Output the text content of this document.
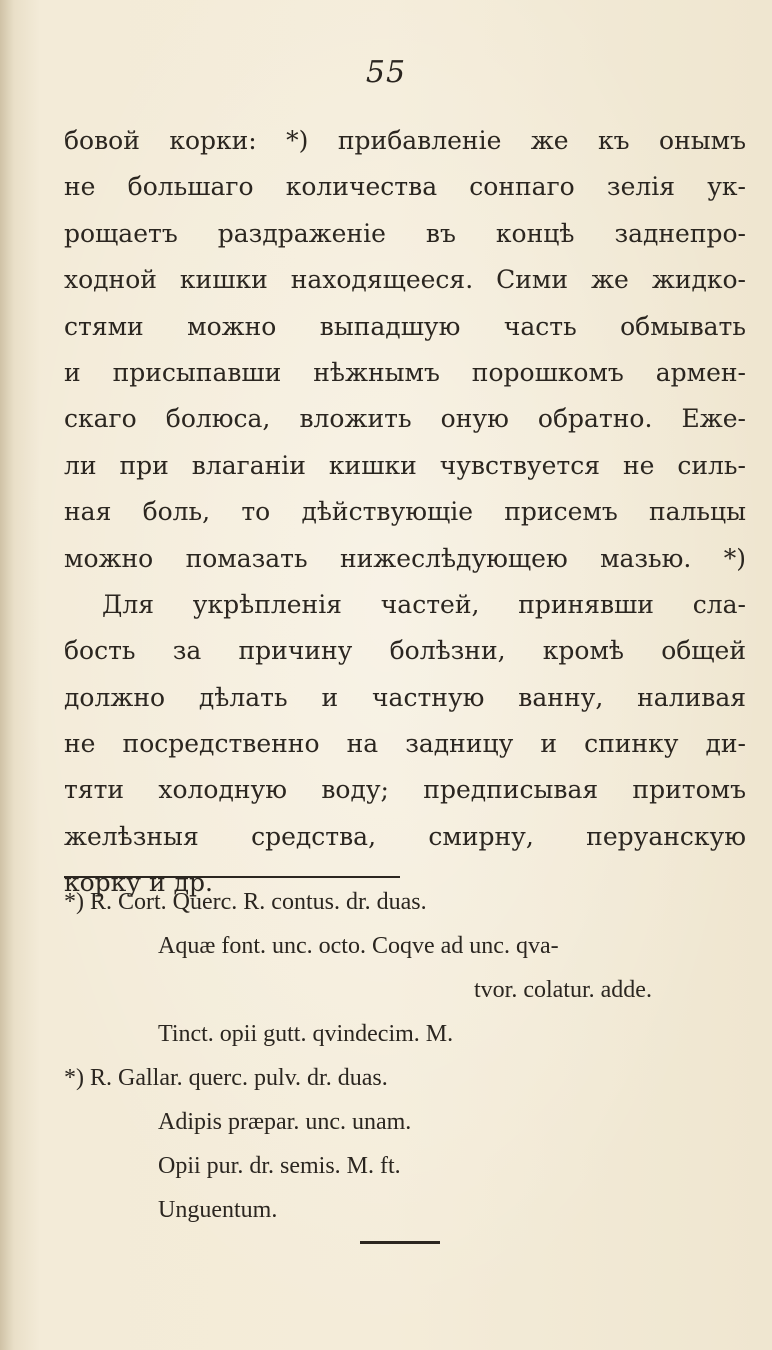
55
бовой корки: *) прибавленіе же къ онымъ
не большаго количества сонпаго зелія ук-
рощаетъ раздраженіе въ концѣ заднепро-
ходной кишки находящееся. Сими же жидко-
стями можно выпадшую часть обмывать
и присыпавши нѣжнымъ порошкомъ армен-
скаго болюса, вложить оную обратно. Еже-
ли при влаганіи кишки чувствуется не силь-
ная боль, то дѣйствующіе присемъ пальцы
можно помазать нижеслѣдующею мазью. *)
Для укрѣпленія частей, принявши сла-
бость за причину болѣзни, кромѣ общей
должно дѣлать и частную ванну, наливая
не посредственно на задницу и спинку ди-
тяти холодную воду; предписывая притомъ
желѣзныя средства, смирну, перуанскую
корку и др.
*) R. Cort. Querc. R. contus. dr. duas.
Aquæ font. unc. octo. Coqve ad unc. qva-
tvor. colatur. adde.
Tinct. opii gutt. qvindecim. M.
*) R. Gallar. querc. pulv. dr. duas.
Adipis præpar. unc. unam.
Opii pur. dr. semis. M. ft.
Unguentum.
